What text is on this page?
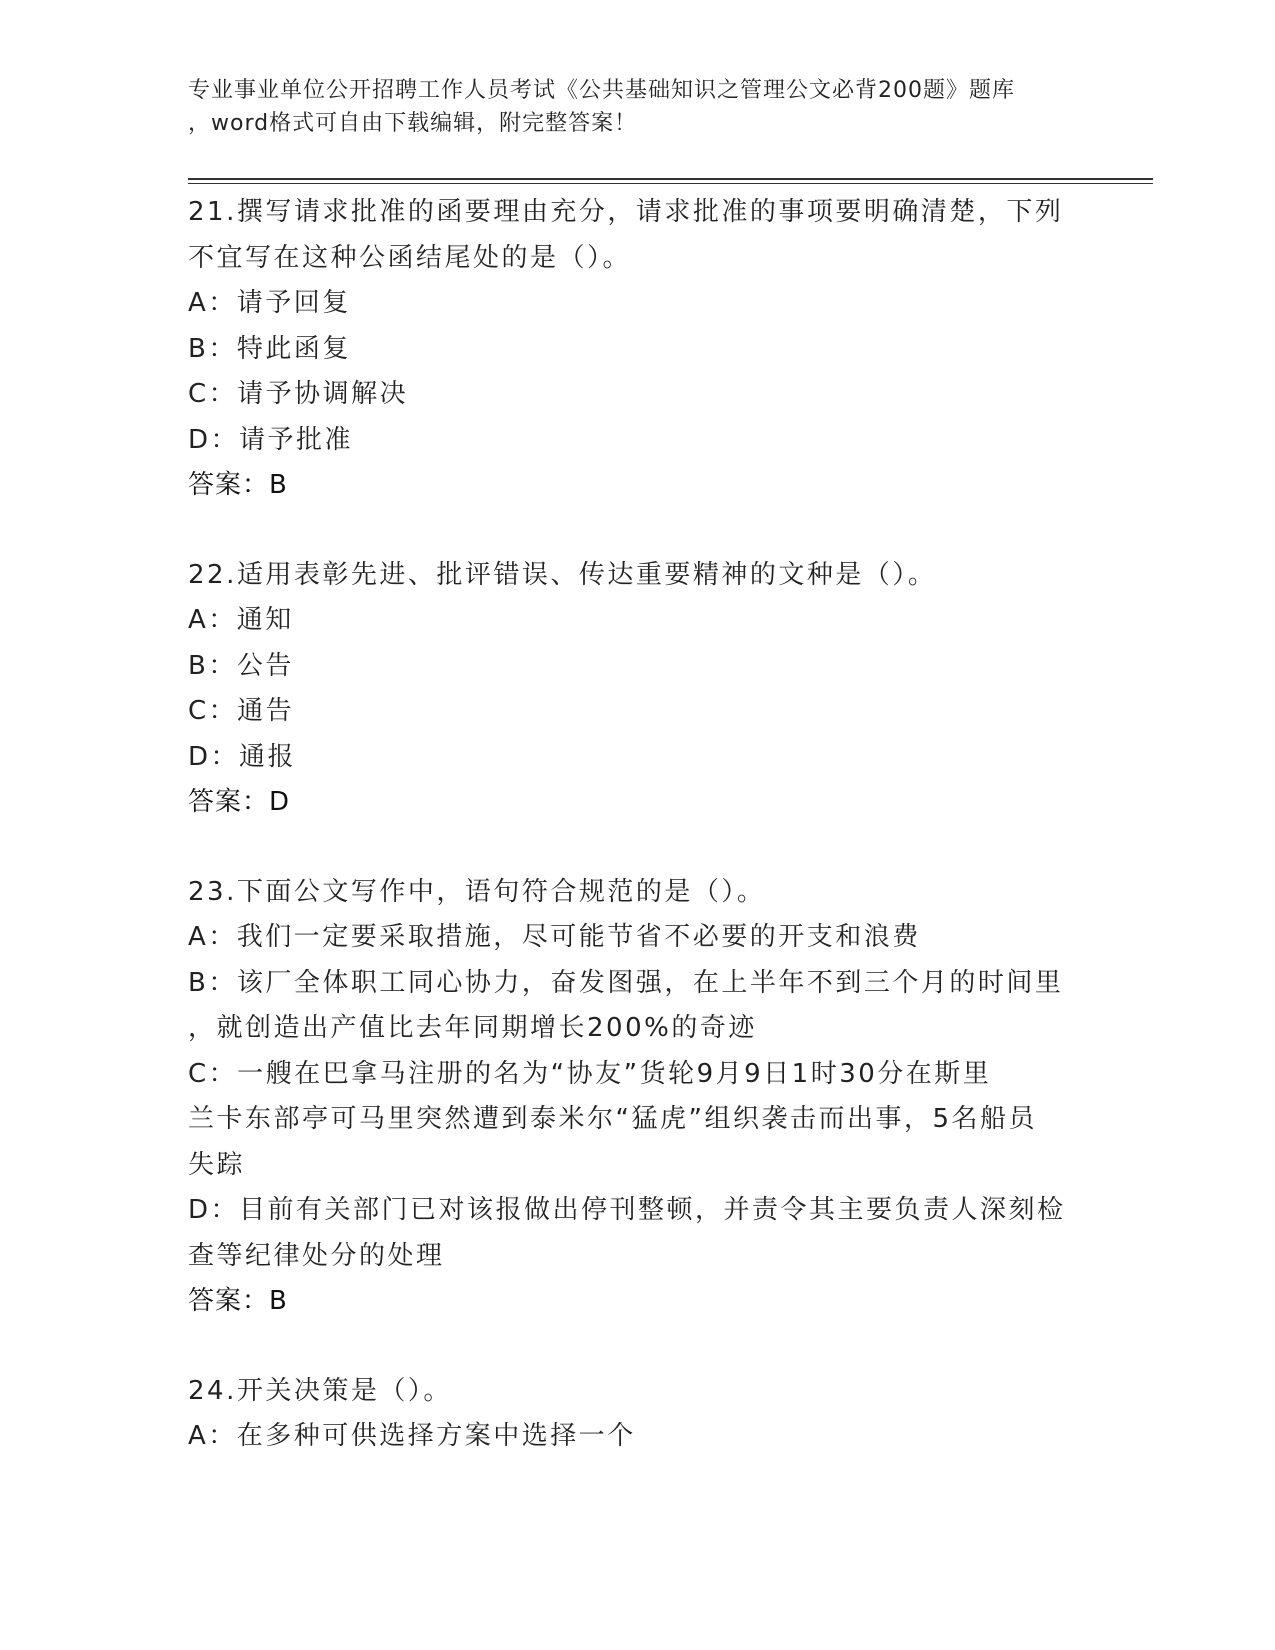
专业事业单位公开招聘工作人员考试《公共基础知识之管理公文必背200题》题库
，word格式可自由下载编辑，附完整答案！
21.撰写请求批准的函要理由充分，请求批准的事项要明确清楚，下列
不宜写在这种公函结尾处的是（）。
A：请予回复
B：特此函复
C：请予协调解决
D：请予批准
答案：B
22.适用表彰先进、批评错误、传达重要精神的文种是（）。
A：通知
B：公告
C：通告
D：通报
答案：D
23.下面公文写作中，语句符合规范的是（）。
A：我们一定要采取措施，尽可能节省不必要的开支和浪费
B：该厂全体职工同心协力，奋发图强，在上半年不到三个月的时间里
，就创造出产值比去年同期增长200%的奇迹
C：一艘在巴拿马注册的名为“协友”货轮9月9日1时30分在斯里
兰卡东部亭可马里突然遭到泰米尔“猛虎”组织袭击而出事，5名船员
失踪
D：目前有关部门已对该报做出停刊整顿，并责令其主要负责人深刻检
查等纪律处分的处理
答案：B
24.开关决策是（）。
A：在多种可供选择方案中选择一个
